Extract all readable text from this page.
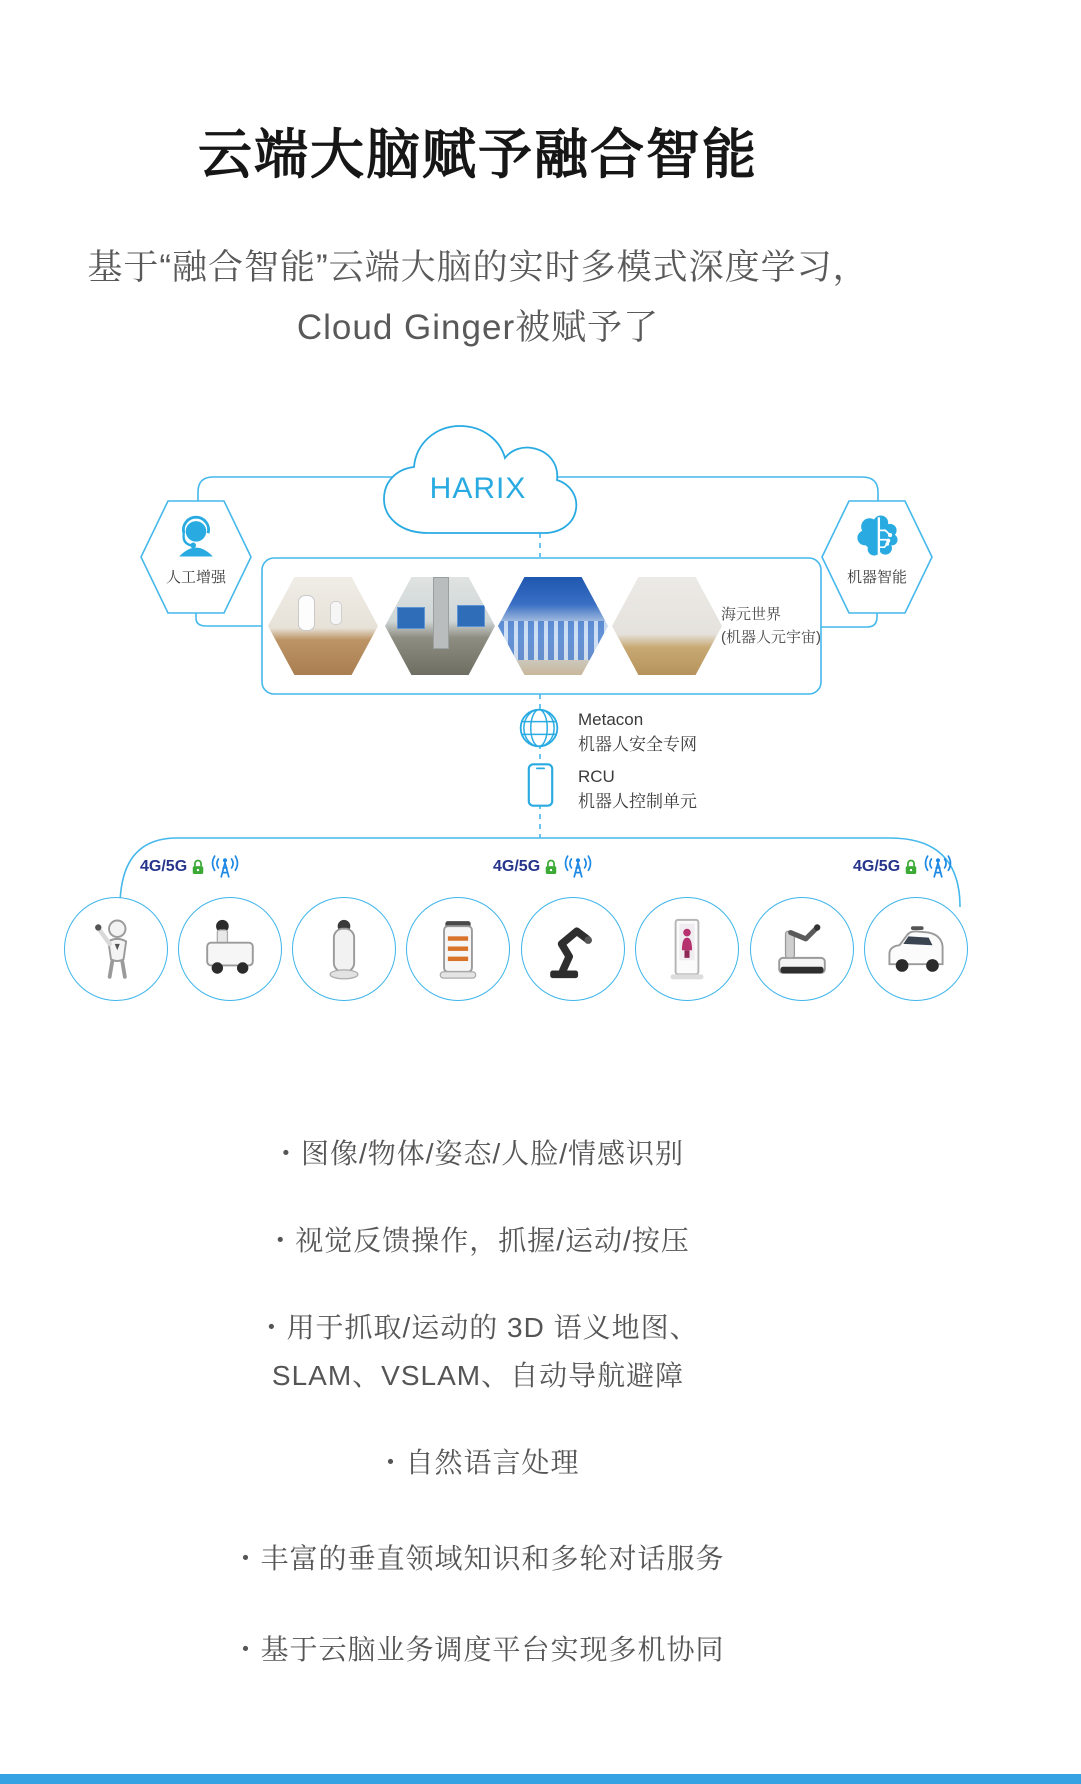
云端大脑赋予融合智能
基于“融合智能”云端大脑的实时多模式深度学习，
Cloud Ginger被赋予了
HARIX
人工增强	机器智能
海元世界
(机器人元宇宙)
Metacon
机器人安全专网
RCU
机器人控制单元
4G/5G	4G/5G	4G/5G
・图像/物体/姿态/人脸/情感识别
・视觉反馈操作，抓握/运动/按压
・用于抓取/运动的 3D 语义地图、
SLAM、VSLAM、自动导航避障
・自然语言处理
・丰富的垂直领域知识和多轮对话服务
・基于云脑业务调度平台实现多机协同
